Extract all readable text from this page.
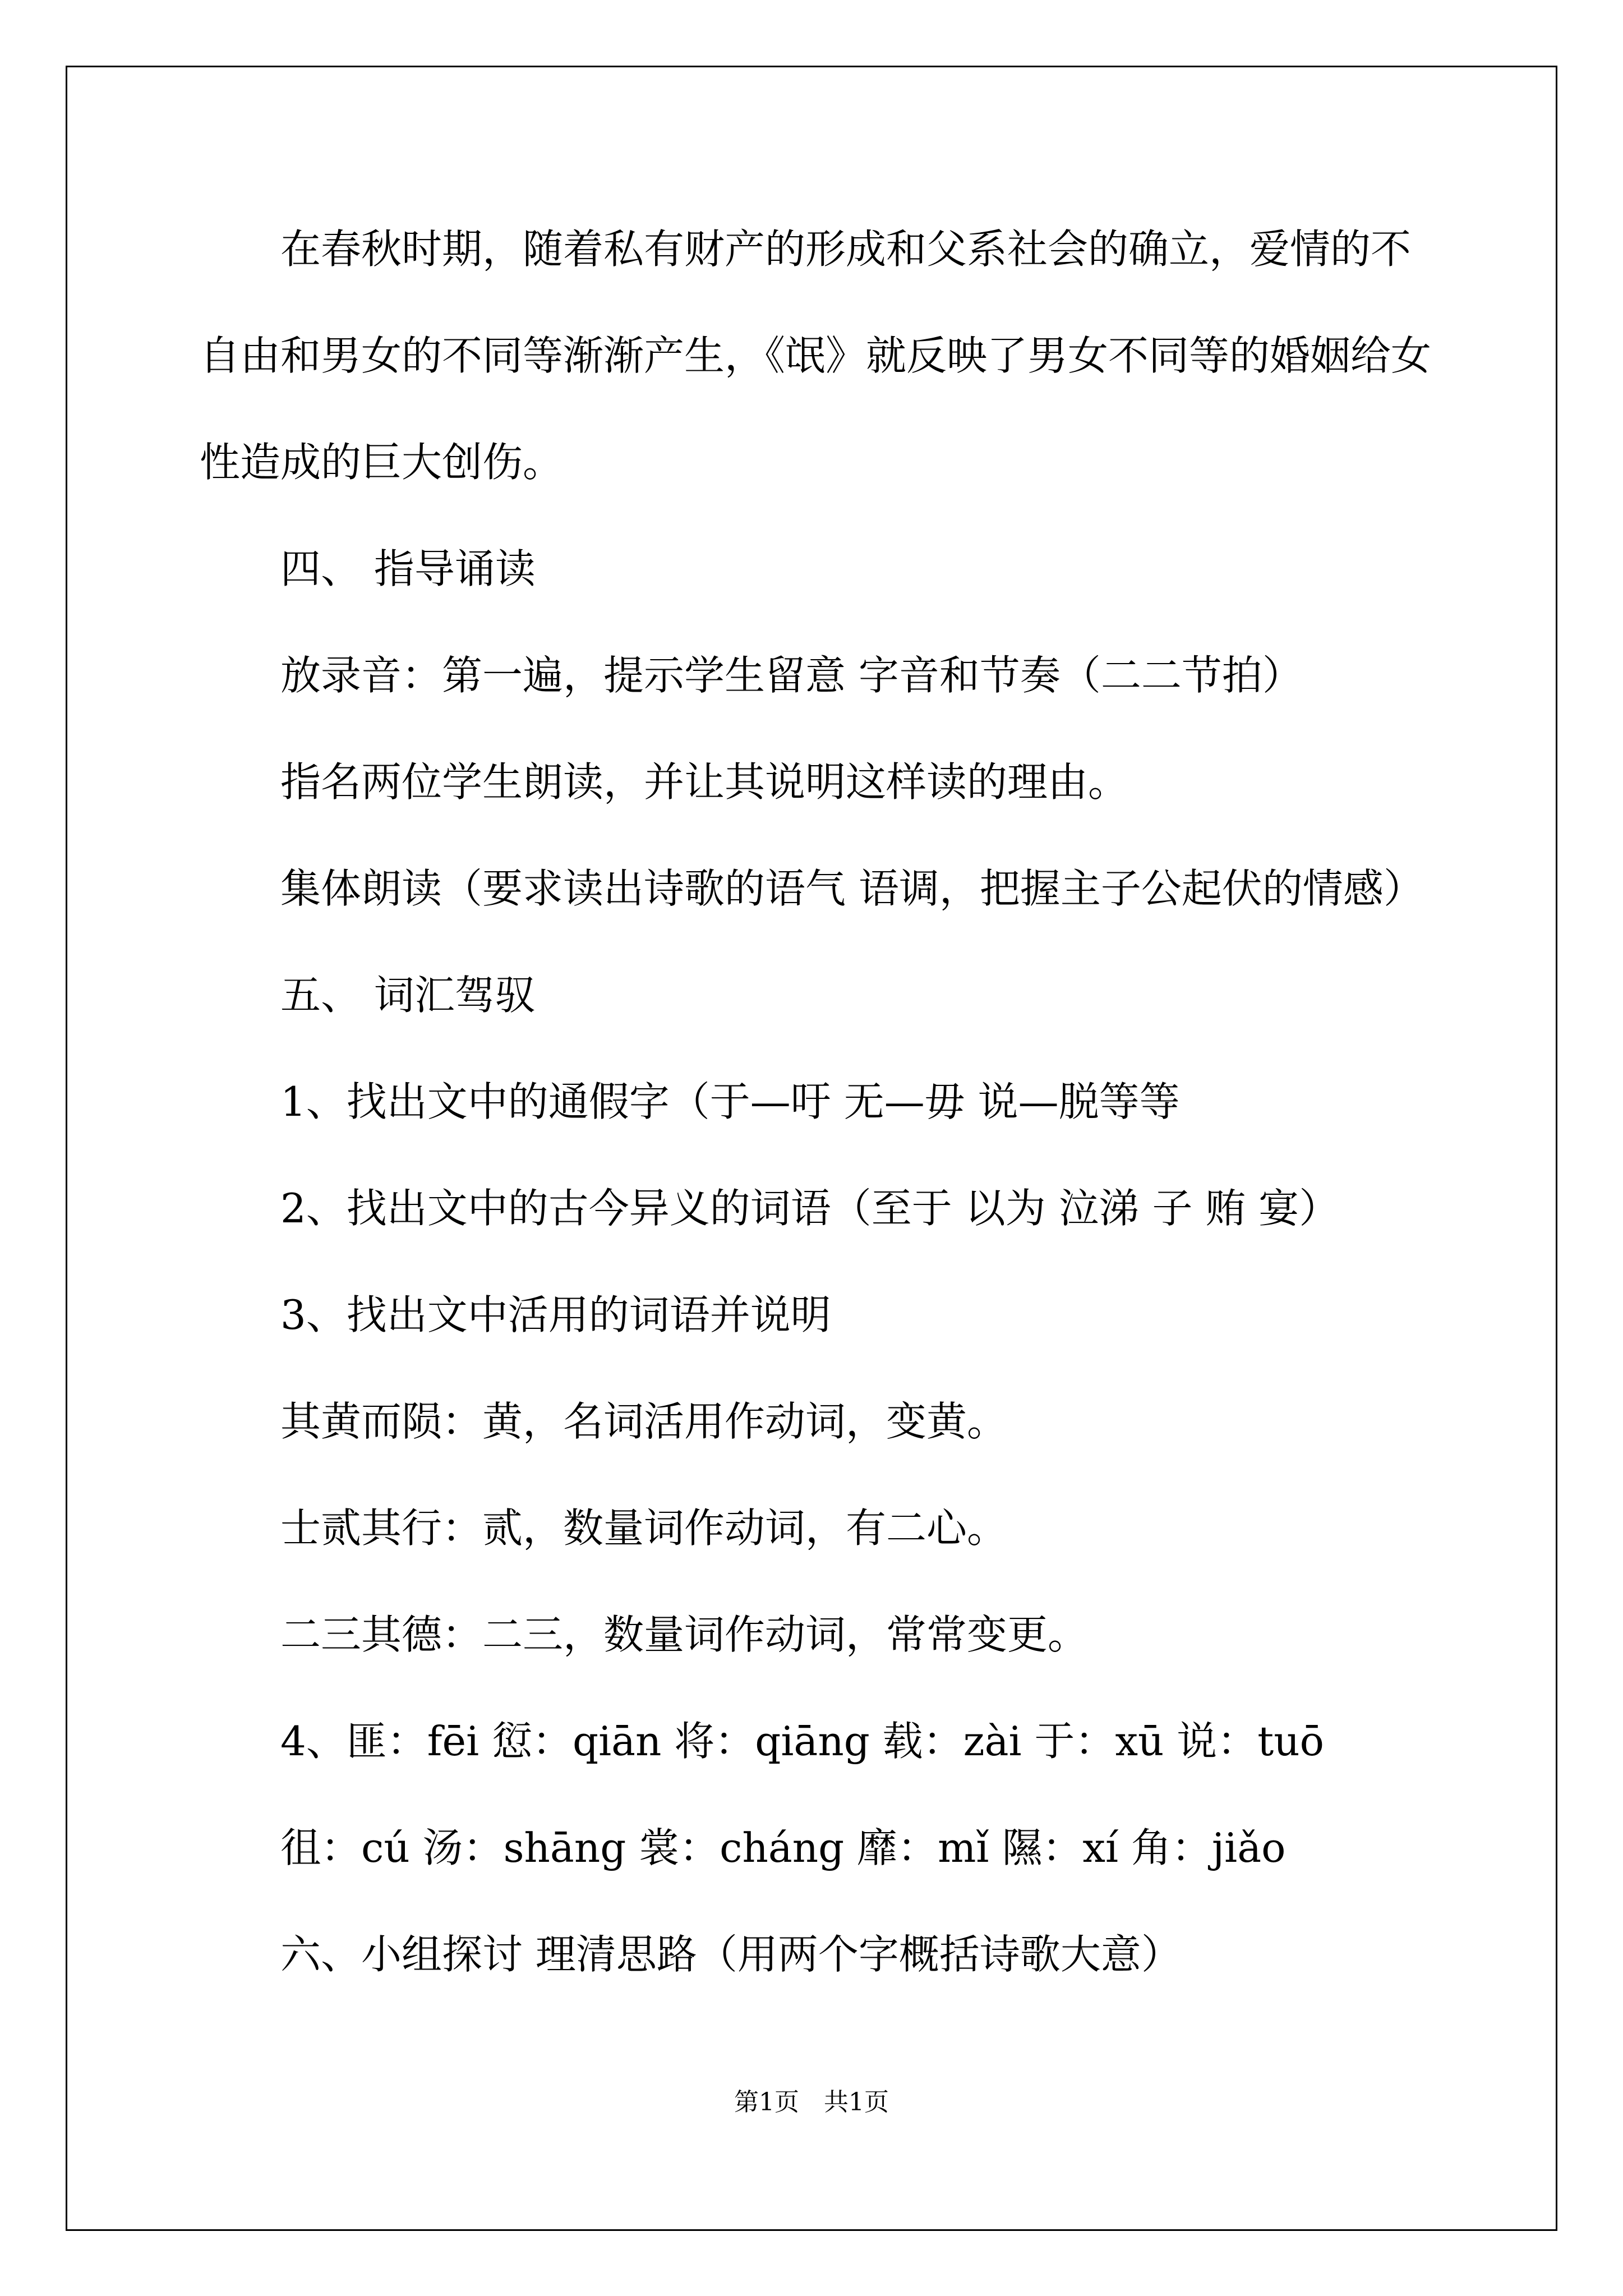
在春秋时期，随着私有财产的形成和父系社会的确立，爱情的不
自由和男女的不同等渐渐产生，《氓》就反映了男女不同等的婚姻给女
性造成的巨大创伤。
四、 指导诵读
放录音：第一遍，提示学生留意 字音和节奏（二二节拍）
指名两位学生朗读，并让其说明这样读的理由。
集体朗读（要求读出诗歌的语气 语调，把握主子公起伏的情感）
五、 词汇驾驭
1、找出文中的通假字（于—吁 无—毋 说—脱等等
2、找出文中的古今异义的词语（至于 以为 泣涕 子 贿 宴）
3、找出文中活用的词语并说明
其黄而陨：黄，名词活用作动词，变黄。
士贰其行：贰，数量词作动词，有二心。
二三其德：二三，数量词作动词，常常变更。
4、匪：fēi 愆：qiān 将：qiāng 载：zài 于：xū 说：tuō
徂：cú 汤：shāng 裳：cháng 靡：mǐ 隰：xí 角：jiǎo
六、小组探讨 理清思路（用两个字概括诗歌大意）
第1页　共1页
